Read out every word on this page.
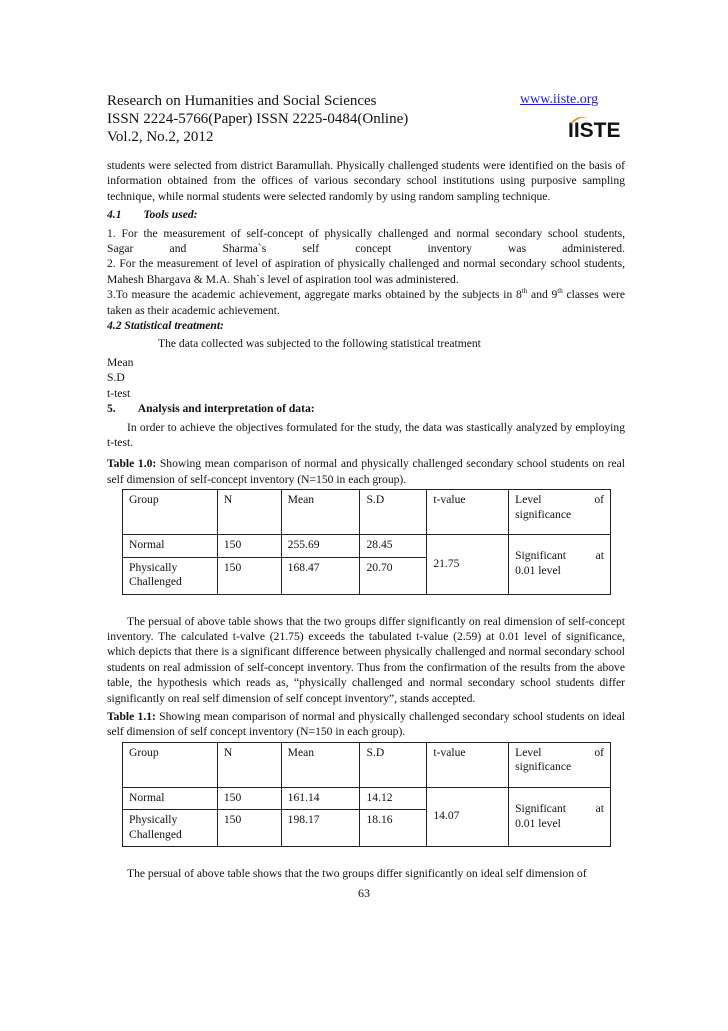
Research on Humanities and Social Sciences

ISSN 2224-5766(Paper) ISSN 2225-0484(Online)

Vol.2, No.2, 2012

www.iiste.org
IISTE

students were selected from district Baramullah. Physically challenged students were identified on the basis of information obtained from the offices of various secondary school institutions using purposive sampling technique, while normal students were selected randomly by using random sampling technique.

4.1 Tools used:

1. For the measurement of self-concept of physically challenged and normal secondary school students,
Sagar	and	Sharma`s	self	concept	inventory	was	administered.

2. For the measurement of level of aspiration of physically challenged and normal secondary school students, Mahesh Bhargava & M.A. Shah`s level of aspiration tool was administered.

3.To measure the academic achievement, aggregate marks obtained by the subjects in 8th and 9th classes were taken as their academic achievement.

4.2 Statistical treatment:

The data collected was subjected to the following statistical treatment

Mean

S.D

t-test

5. Analysis and interpretation of data:

In order to achieve the objectives formulated for the study, the data was stastically analyzed by employing t-test.

Table 1.0: Showing mean comparison of normal and physically challenged secondary school students on real self dimension of self-concept inventory (N=150 in each group).

Group	N	Mean	S.D	t-value	Level of
significance

Normal	150	255.69	28.45	21.75	Significant at
0.01 level

Physically Challenged	150	168.47	20.70		

The persual of above table shows that the two groups differ significantly on real dimension of self-concept inventory. The calculated t-valve (21.75) exceeds the tabulated t-value (2.59) at 0.01 level of significance, which depicts that there is a significant difference between physically challenged and normal secondary school students on real admission of self-concept inventory. Thus from the confirmation of the results from the above table, the hypothesis which reads as, “physically challenged and normal secondary school students differ significantly on real self dimension of self concept inventory”, stands accepted.

Table 1.1: Showing mean comparison of normal and physically challenged secondary school students on ideal self dimension of self concept inventory (N=150 in each group).

Group	N	Mean	S.D	t-value	Level of
significance

Normal	150	161.14	14.12	14.07	Significant at
0.01 level

Physically Challenged	150	198.17	18.16		

The persual of above table shows that the two groups differ significantly on ideal self dimension of

63
